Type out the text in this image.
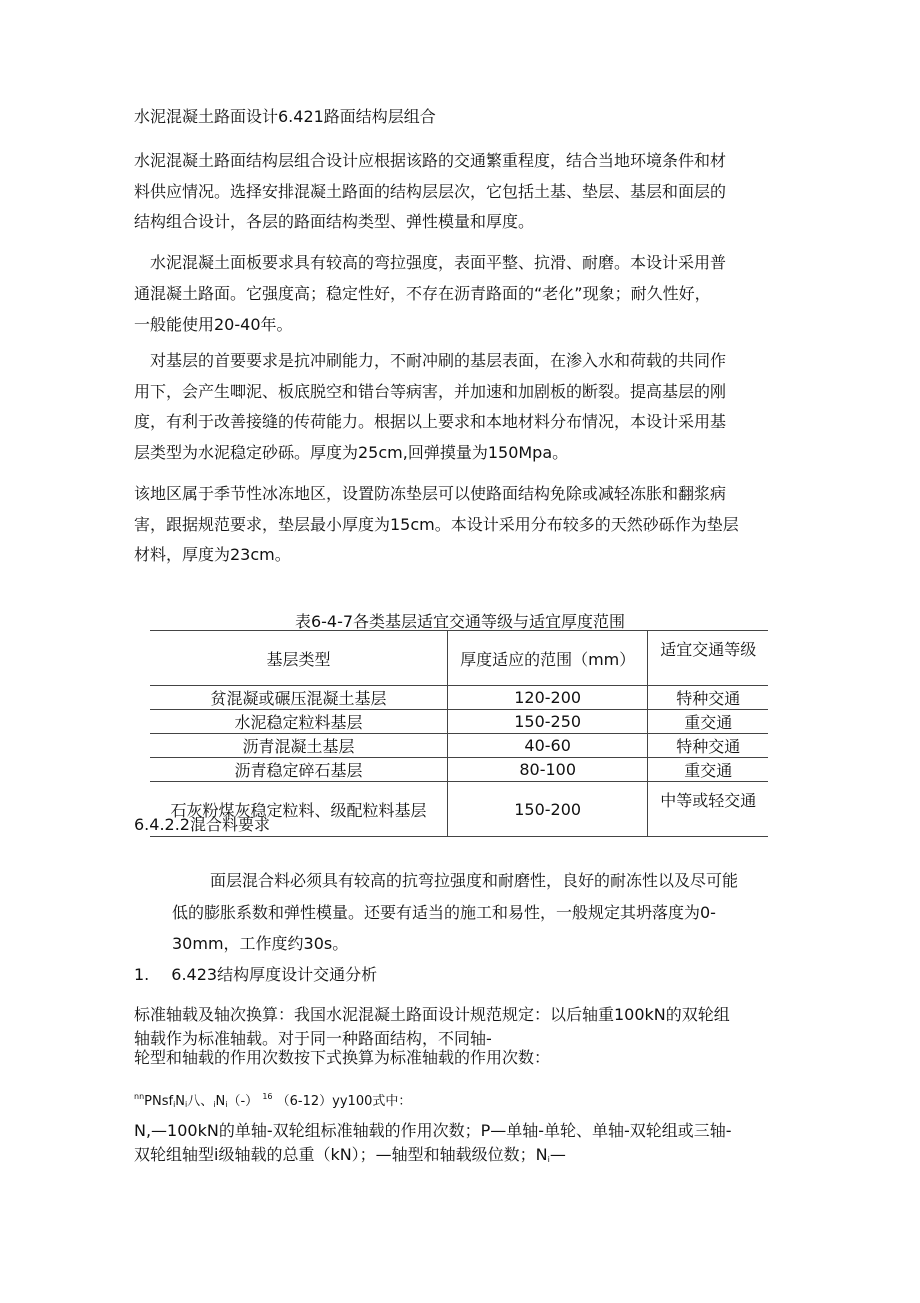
水泥混凝土路面设计6.421路面结构层组合
水泥混凝土路面结构层组合设计应根据该路的交通繁重程度，结合当地环境条件和材
料供应情况。选择安排混凝土路面的结构层层次，它包括土基、垫层、基层和面层的
结构组合设计，各层的路面结构类型、弹性模量和厚度。
水泥混凝土面板要求具有较高的弯拉强度，表面平整、抗滑、耐磨。本设计采用普
通混凝土路面。它强度高；稳定性好，不存在沥青路面的“老化”现象；耐久性好，
一般能使用20-40年。
对基层的首要要求是抗冲刷能力，不耐冲刷的基层表面，在渗入水和荷载的共同作
用下，会产生唧泥、板底脱空和错台等病害，并加速和加剧板的断裂。提高基层的刚
度，有利于改善接缝的传荷能力。根据以上要求和本地材料分布情况，本设计采用基
层类型为水泥稳定砂砾。厚度为25cm,回弹摸量为150Mpa。
该地区属于季节性冰冻地区，设置防冻垫层可以使路面结构免除或减轻冻胀和翻浆病
害，跟据规范要求，垫层最小厚度为15cm。本设计采用分布较多的天然砂砾作为垫层
材料，厚度为23cm。
表6-4-7各类基层适宜交通等级与适宜厚度范围
基层类型	厚度适应的范围（mm）	适宜交通等级
贫混凝或碾压混凝土基层	120-200	特种交通
水泥稳定粒料基层	150-250	重交通
沥青混凝土基层	40-60	特种交通
沥青稳定碎石基层	80-100	重交通
石灰粉煤灰稳定粒料、级配粒料基层	150-200	中等或轻交通
6.4.2.2混合料要求
面层混合料必须具有较高的抗弯拉强度和耐磨性，良好的耐冻性以及尽可能
低的膨胀系数和弹性模量。还要有适当的施工和易性，一般规定其坍落度为0-
30mm，工作度约30s。
1. 6.423结构厚度设计交通分析
标准轴载及轴次换算：我国水泥混凝土路面设计规范规定：以后轴重100kN的双轮组
轴载作为标准轴载。对于同一种路面结构，不同轴-
轮型和轴载的作用次数按下式换算为标准轴载的作用次数：
$^{nn}$PNsfiNi八、iNi（-） $^{16}$ （6-12）yy100式中：
N,—100kN的单轴-双轮组标准轴载的作用次数；P—单轴-单轮、单轴-双轮组或三轴-
双轮组轴型i级轴载的总重（kN）；—轴型和轴载级位数；Ni—
